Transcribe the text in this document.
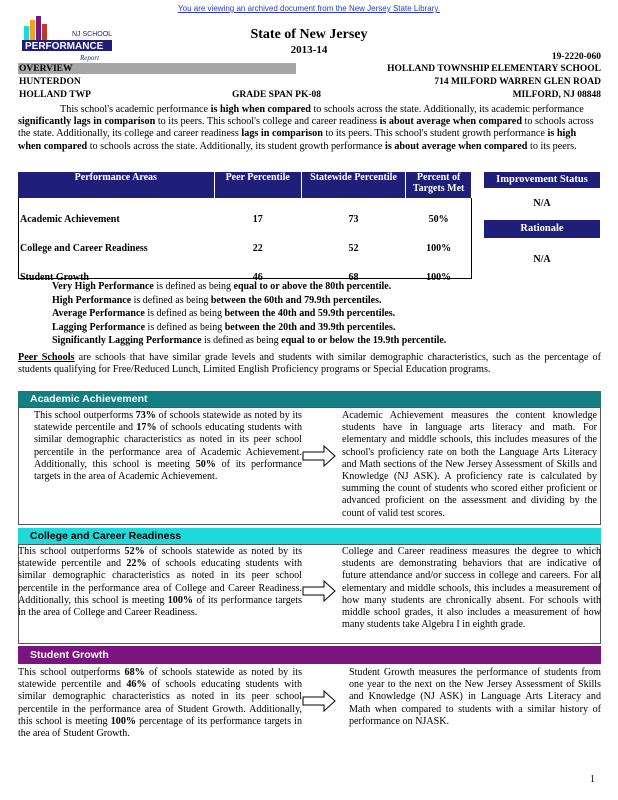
You are viewing an archived document from the New Jersey State Library.
NJ SCHOOL
PERFORMANCE
Report
State of New Jersey
2013-14
OVERVIEW
HUNTERDON
HOLLAND TWP	GRADE SPAN PK-08
19-2220-060
HOLLAND TOWNSHIP ELEMENTARY SCHOOL
714 MILFORD WARREN GLEN ROAD
MILFORD, NJ 08848
This school's academic performance is high when compared to schools across the state. Additionally, its academic performance significantly lags in comparison to its peers. This school's college and career readiness is about average when compared to schools across the state. Additionally, its college and career readiness lags in comparison to its peers. This school's student growth performance is high when compared to schools across the state. Additionally, its student growth performance is about average when compared to its peers.
Performance Areas	Peer Percentile	Statewide Percentile	Percent of Targets Met
Academic Achievement	17	73	50%
College and Career Readiness	22	52	100%
Student Growth	46	68	100%
Improvement Status
N/A
Rationale
N/A
Very High Performance is defined as being equal to or above the 80th percentile.
High Performance is defined as being between the 60th and 79.9th percentiles.
Average Performance is defined as being between the 40th and 59.9th percentiles.
Lagging Performance is defined as being between the 20th and 39.9th percentiles.
Significantly Lagging Performance is defined as being equal to or below the 19.9th percentile.
Peer Schools are schools that have similar grade levels and students with similar demographic characteristics, such as the percentage of students qualifying for Free/Reduced Lunch, Limited English Proficiency programs or Special Education programs.
Academic Achievement
This school outperforms 73% of schools statewide as noted by its statewide percentile and 17% of schools educating students with similar demographic characteristics as noted in its peer school percentile in the performance area of Academic Achievement. Additionally, this school is meeting 50% of its performance targets in the area of Academic Achievement.
Academic Achievement measures the content knowledge students have in language arts literacy and math. For elementary and middle schools, this includes measures of the school's proficiency rate on both the Language Arts Literacy and Math sections of the New Jersey Assessment of Skills and Knowledge (NJ ASK). A proficiency rate is calculated by summing the count of students who scored either proficient or advanced proficient on the assessment and dividing by the count of valid test scores.
College and Career Readiness
This school outperforms 52% of schools statewide as noted by its statewide percentile and 22% of schools educating students with similar demographic characteristics as noted in its peer school percentile in the performance area of College and Career Readiness. Additionally, this school is meeting 100% of its performance targets in the area of College and Career Readiness.
College and Career readiness measures the degree to which students are demonstrating behaviors that are indicative of future attendance and/or success in college and careers. For all elementary and middle schools, this includes a measurement of how many students are chronically absent. For schools with middle school grades, it also includes a measurement of how many students take Algebra I in eighth grade.
Student Growth
This school outperforms 68% of schools statewide as noted by its statewide percentile and 46% of schools educating students with similar demographic characteristics as noted in its peer school percentile in the performance area of Student Growth. Additionally, this school is meeting 100% percentage of its performance targets in the area of Student Growth.
Student Growth measures the performance of students from one year to the next on the New Jersey Assessment of Skills and Knowledge (NJ ASK) in Language Arts Literacy and Math when compared to students with a similar history of performance on NJASK.
1
